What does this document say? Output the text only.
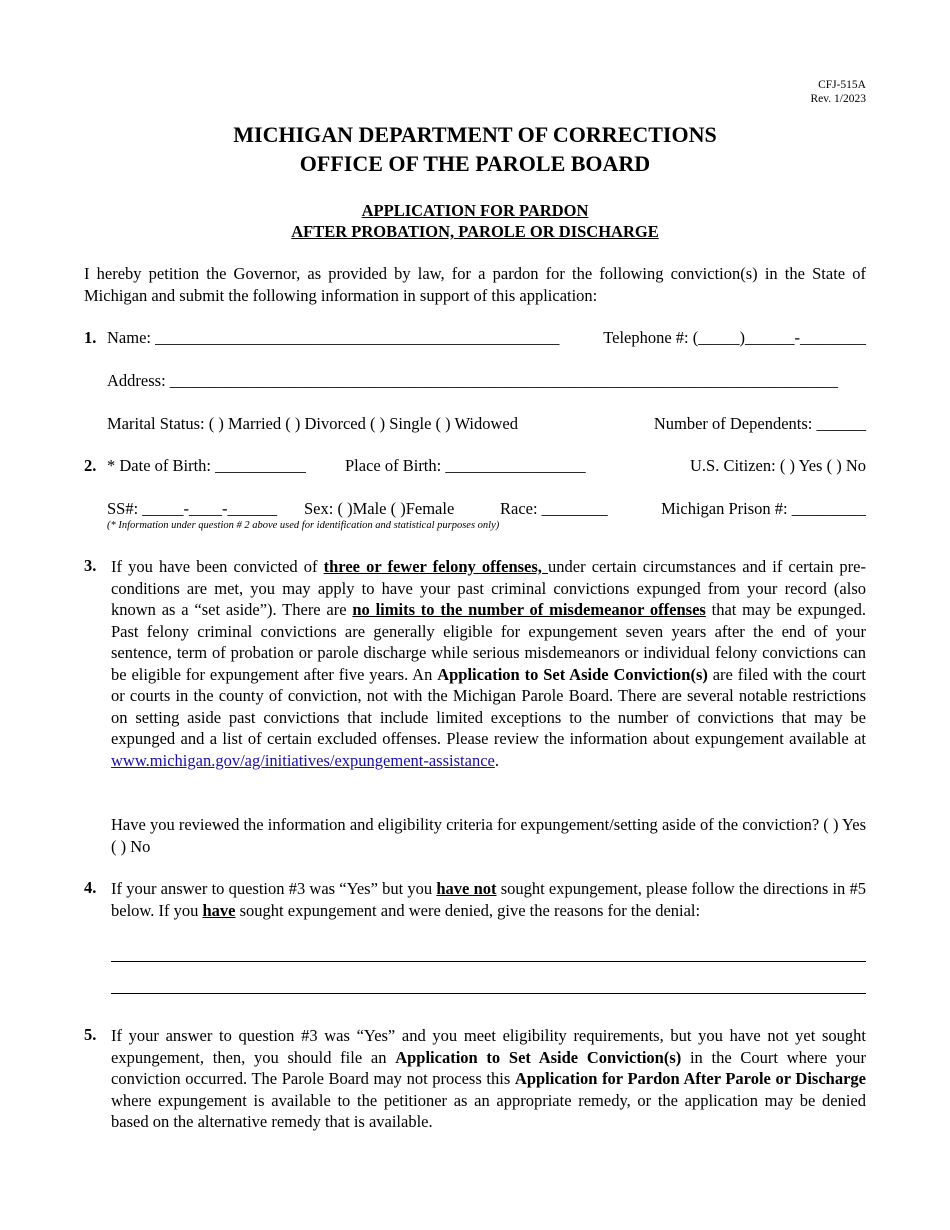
CFJ-515A
Rev. 1/2023
MICHIGAN DEPARTMENT OF CORRECTIONS
OFFICE OF THE PAROLE BOARD
APPLICATION FOR PARDON
AFTER PROBATION, PAROLE OR DISCHARGE
I hereby petition the Governor, as provided by law, for a pardon for the following conviction(s) in the State of Michigan and submit the following information in support of this application:
1. Name: _________________________________________________	Telephone #: (_____)______-________
Address: _________________________________________________________________________________
Marital Status: ( ) Married ( ) Divorced ( ) Single ( ) Widowed	Number of Dependents: ______
2. * Date of Birth: ___________ Place of Birth: _________________	U.S. Citizen: ( ) Yes ( ) No
SS#: _____-____-______ Sex: ( )Male ( )Female	Race: ________	Michigan Prison #: _________
(* Information under question # 2 above used for identification and statistical purposes only)
3. If you have been convicted of three or fewer felony offenses, under certain circumstances and if certain pre-conditions are met, you may apply to have your past criminal convictions expunged from your record (also known as a “set aside”). There are no limits to the number of misdemeanor offenses that may be expunged. Past felony criminal convictions are generally eligible for expungement seven years after the end of your sentence, term of probation or parole discharge while serious misdemeanors or individual felony convictions can be eligible for expungement after five years. An Application to Set Aside Conviction(s) are filed with the court or courts in the county of conviction, not with the Michigan Parole Board. There are several notable restrictions on setting aside past convictions that include limited exceptions to the number of convictions that may be expunged and a list of certain excluded offenses. Please review the information about expungement available at www.michigan.gov/ag/initiatives/expungement-assistance.
Have you reviewed the information and eligibility criteria for expungement/setting aside of the conviction? ( ) Yes ( ) No
4. If your answer to question #3 was “Yes” but you have not sought expungement, please follow the directions in #5 below. If you have sought expungement and were denied, give the reasons for the denial:
5. If your answer to question #3 was “Yes” and you meet eligibility requirements, but you have not yet sought expungement, then, you should file an Application to Set Aside Conviction(s) in the Court where your conviction occurred. The Parole Board may not process this Application for Pardon After Parole or Discharge where expungement is available to the petitioner as an appropriate remedy, or the application may be denied based on the alternative remedy that is available.
